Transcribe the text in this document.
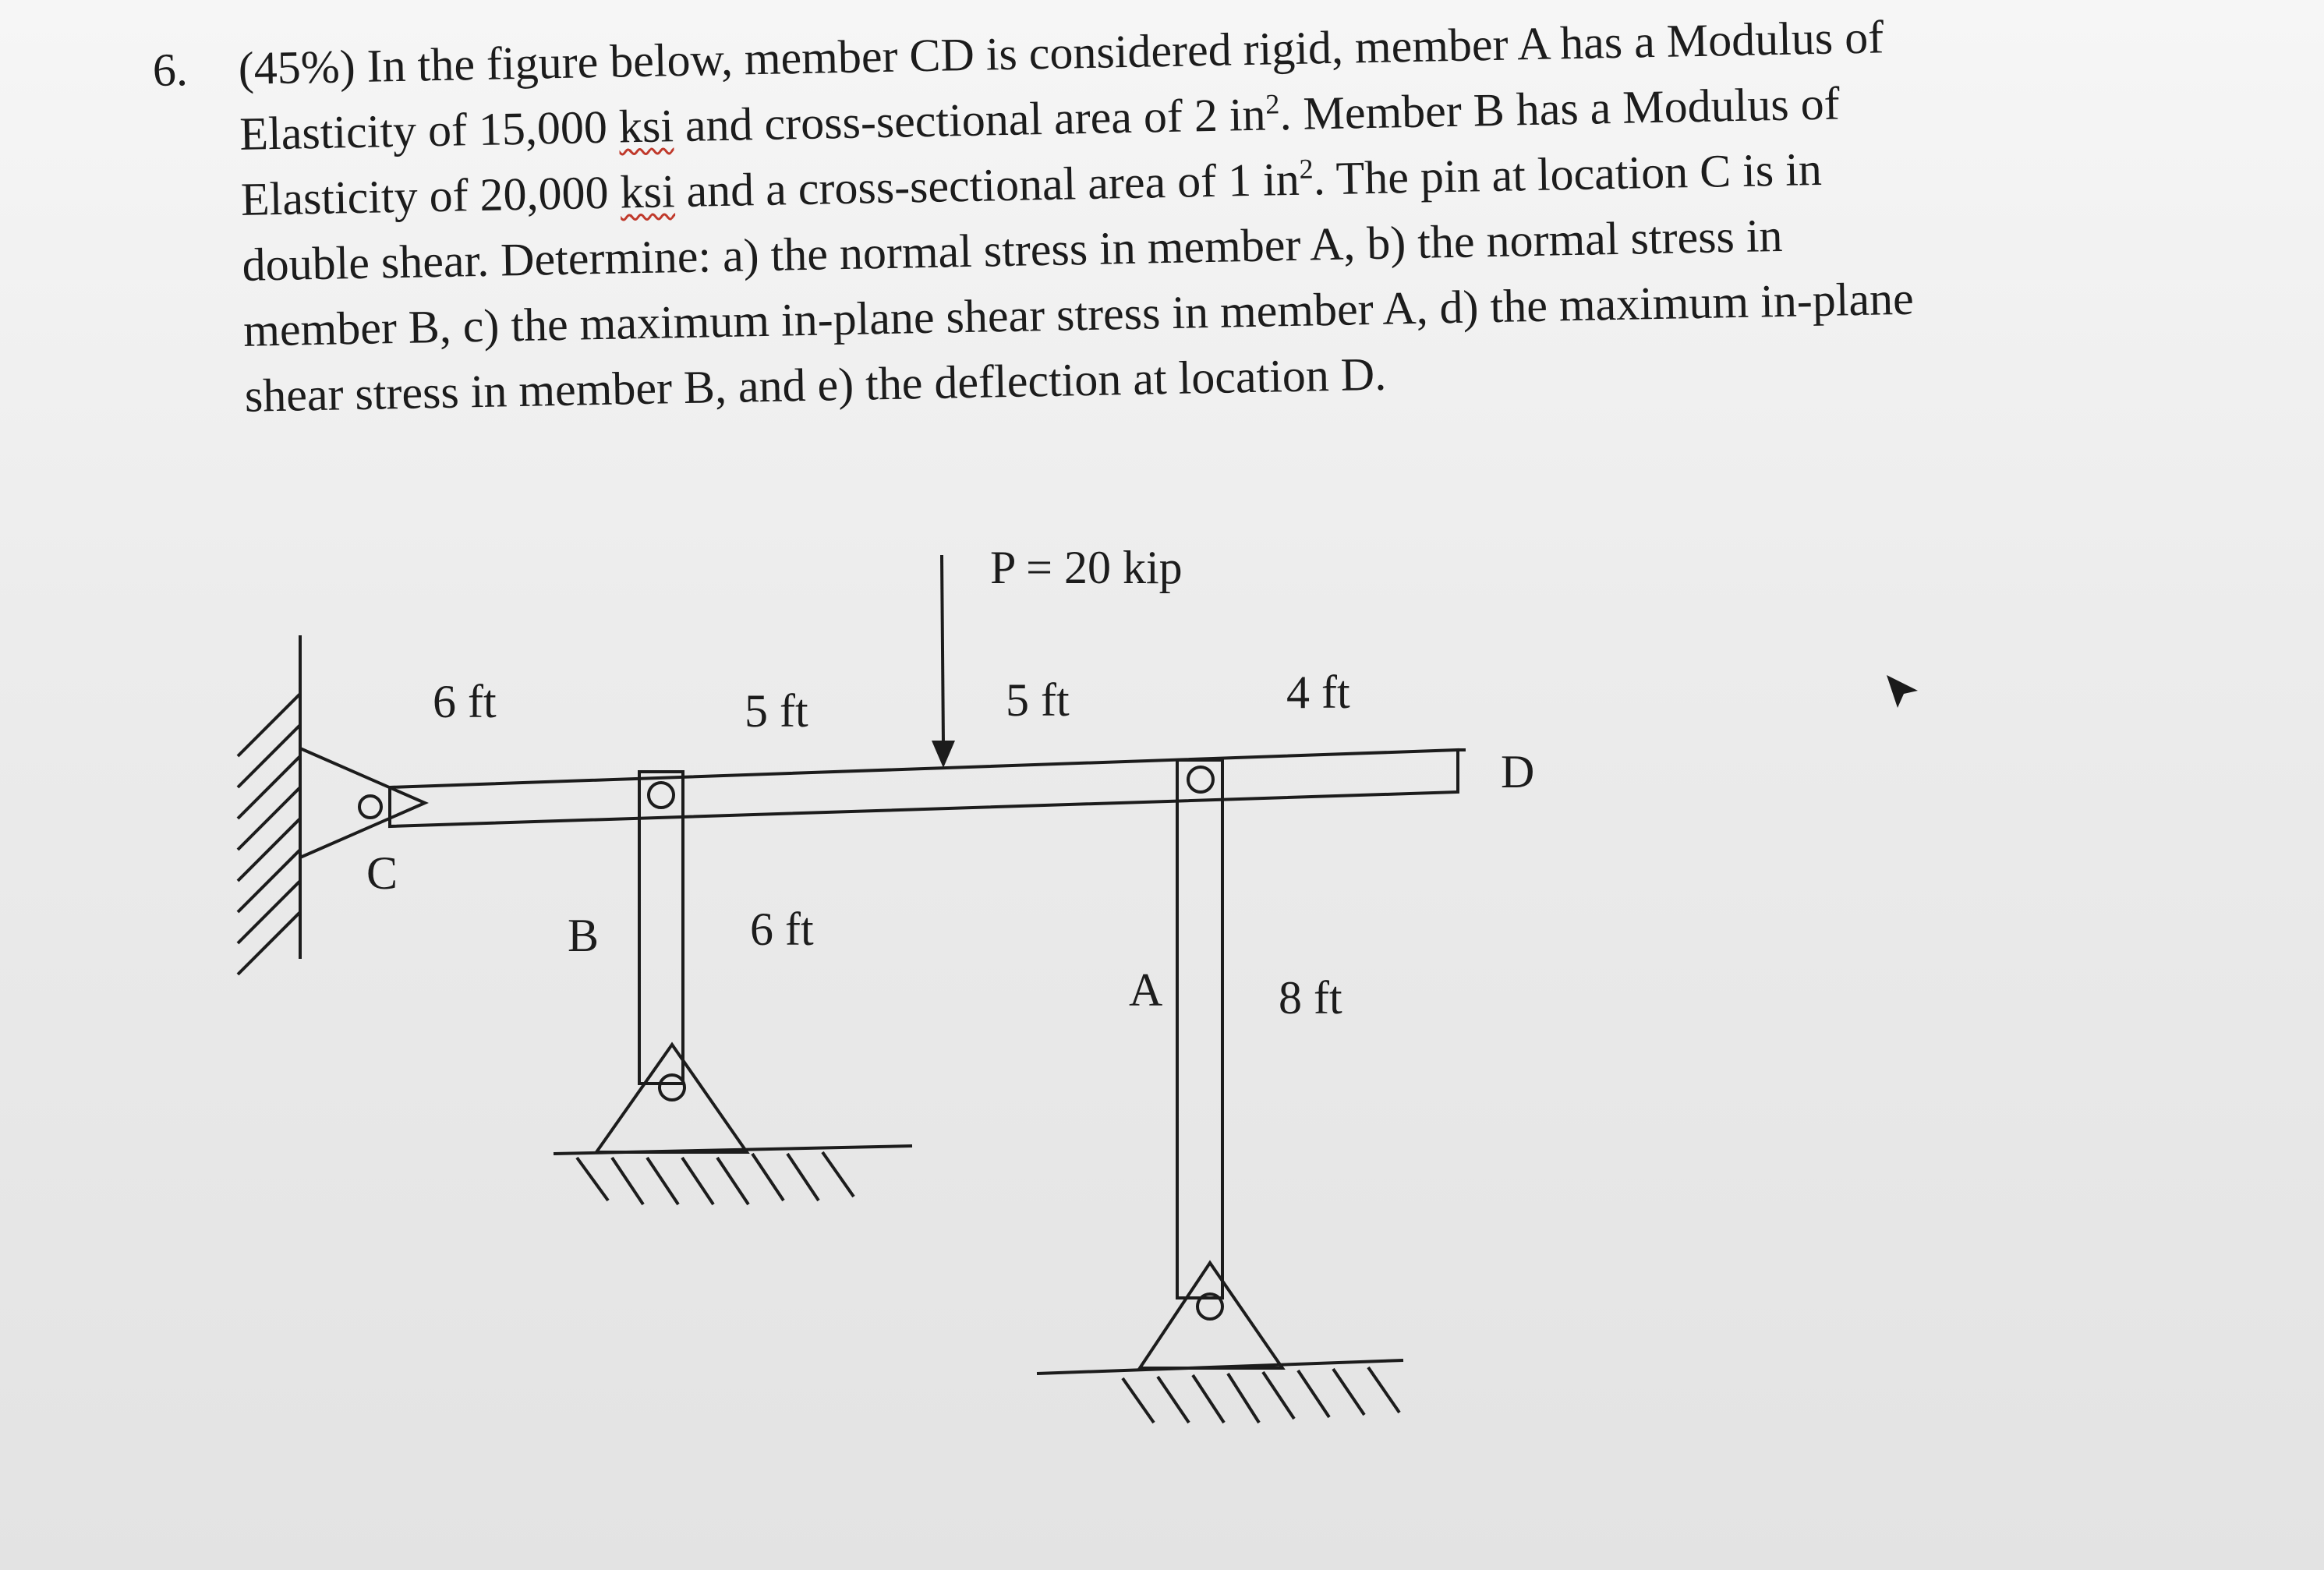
6. (45%) In the figure below, member CD is considered rigid, member A has a Modulus of
Elasticity of 15,000 ksi and cross-sectional area of 2 $in^2$. Member B has a Modulus of
Elasticity of 20,000 ksi and a cross-sectional area of 1 $in^2$. The pin at location C is in
double shear. Determine: a) the normal stress in member A, b) the normal stress in
member B, c) the maximum in-plane shear stress in member A, d) the maximum in-plane
shear stress in member B, and e) the deflection at location D.
P = 20 kip
6 ft	5 ft	5 ft	4 ft
C
B
A
D
6 ft
8 ft
